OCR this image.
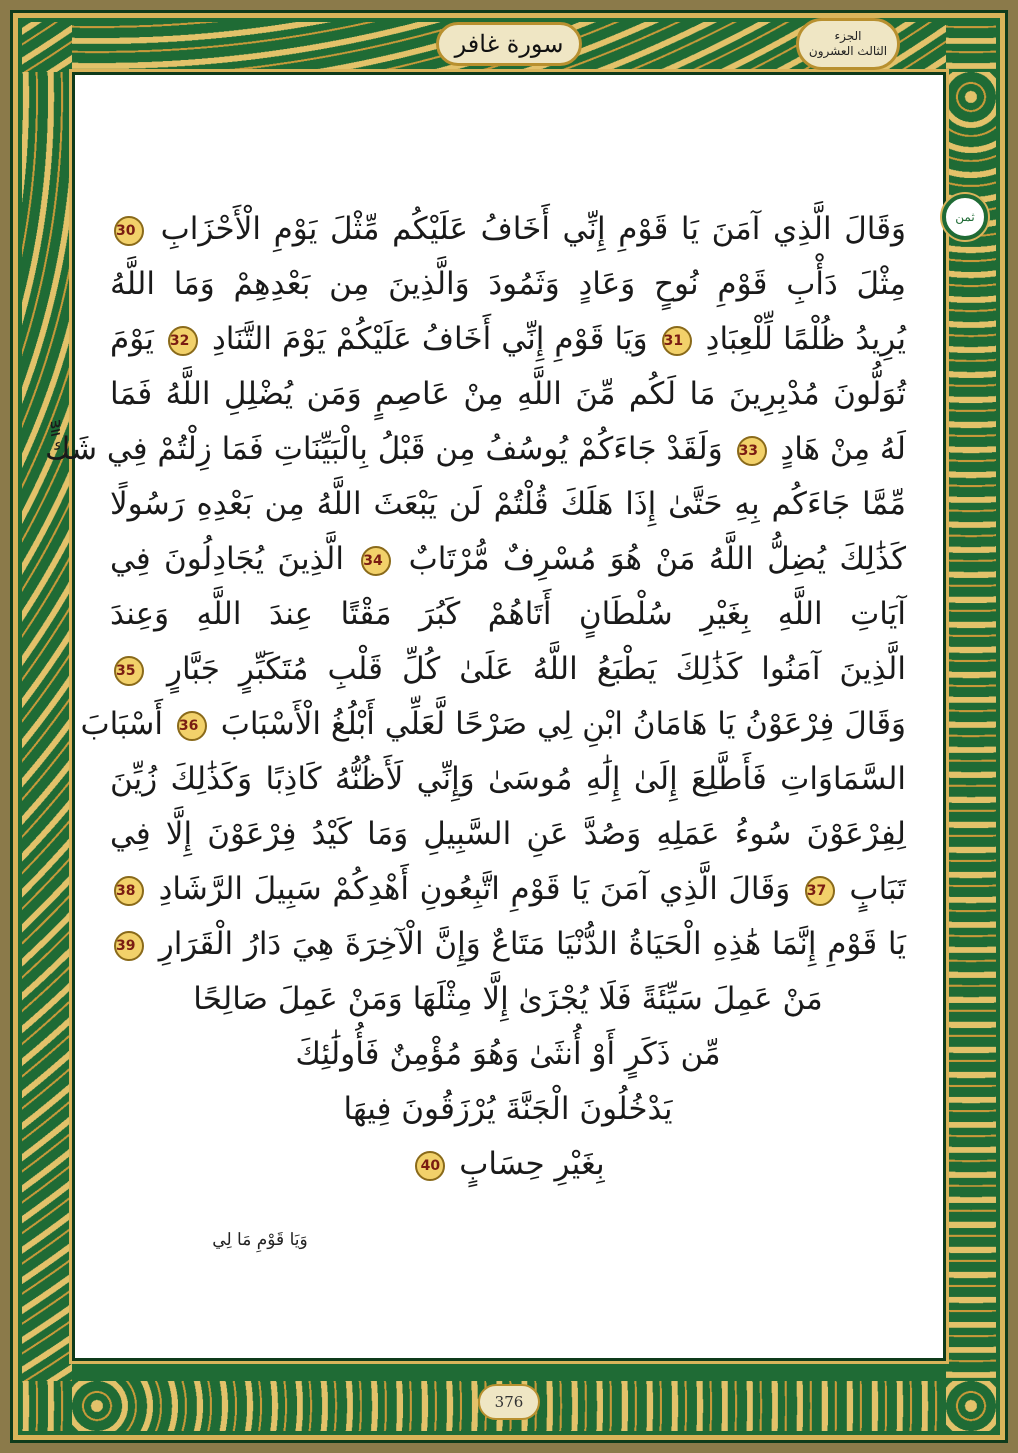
سورة غافر	الجزء
الثالث العشرون
ثمن
وَقَالَ الَّذِي آمَنَ يَا قَوْمِ إِنِّي أَخَافُ عَلَيْكُم مِّثْلَ يَوْمِ الْأَحْزَابِ 30
مِثْلَ دَأْبِ قَوْمِ نُوحٍ وَعَادٍ وَثَمُودَ وَالَّذِينَ مِن بَعْدِهِمْ وَمَا اللَّهُ
يُرِيدُ ظُلْمًا لِّلْعِبَادِ 31 وَيَا قَوْمِ إِنِّي أَخَافُ عَلَيْكُمْ يَوْمَ التَّنَادِ 32 يَوْمَ
تُوَلُّونَ مُدْبِرِينَ مَا لَكُم مِّنَ اللَّهِ مِنْ عَاصِمٍ وَمَن يُضْلِلِ اللَّهُ فَمَا
لَهُ مِنْ هَادٍ 33 وَلَقَدْ جَاءَكُمْ يُوسُفُ مِن قَبْلُ بِالْبَيِّنَاتِ فَمَا زِلْتُمْ فِي شَكٍّ
مِّمَّا جَاءَكُم بِهِ حَتَّىٰ إِذَا هَلَكَ قُلْتُمْ لَن يَبْعَثَ اللَّهُ مِن بَعْدِهِ رَسُولًا
كَذَٰلِكَ يُضِلُّ اللَّهُ مَنْ هُوَ مُسْرِفٌ مُّرْتَابٌ 34 الَّذِينَ يُجَادِلُونَ فِي
آيَاتِ اللَّهِ بِغَيْرِ سُلْطَانٍ أَتَاهُمْ كَبُرَ مَقْتًا عِندَ اللَّهِ وَعِندَ
الَّذِينَ آمَنُوا كَذَٰلِكَ يَطْبَعُ اللَّهُ عَلَىٰ كُلِّ قَلْبِ مُتَكَبِّرٍ جَبَّارٍ 35
وَقَالَ فِرْعَوْنُ يَا هَامَانُ ابْنِ لِي صَرْحًا لَّعَلِّي أَبْلُغُ الْأَسْبَابَ 36 أَسْبَابَ
السَّمَاوَاتِ فَأَطَّلِعَ إِلَىٰ إِلَٰهِ مُوسَىٰ وَإِنِّي لَأَظُنُّهُ كَاذِبًا وَكَذَٰلِكَ زُيِّنَ
لِفِرْعَوْنَ سُوءُ عَمَلِهِ وَصُدَّ عَنِ السَّبِيلِ وَمَا كَيْدُ فِرْعَوْنَ إِلَّا فِي
تَبَابٍ 37 وَقَالَ الَّذِي آمَنَ يَا قَوْمِ اتَّبِعُونِ أَهْدِكُمْ سَبِيلَ الرَّشَادِ 38
يَا قَوْمِ إِنَّمَا هَٰذِهِ الْحَيَاةُ الدُّنْيَا مَتَاعٌ وَإِنَّ الْآخِرَةَ هِيَ دَارُ الْقَرَارِ 39
مَنْ عَمِلَ سَيِّئَةً فَلَا يُجْزَىٰ إِلَّا مِثْلَهَا وَمَنْ عَمِلَ صَالِحًا
مِّن ذَكَرٍ أَوْ أُنثَىٰ وَهُوَ مُؤْمِنٌ فَأُولَٰئِكَ
يَدْخُلُونَ الْجَنَّةَ يُرْزَقُونَ فِيهَا
بِغَيْرِ حِسَابٍ 40
وَيَا قَوْمِ مَا لِي
376
